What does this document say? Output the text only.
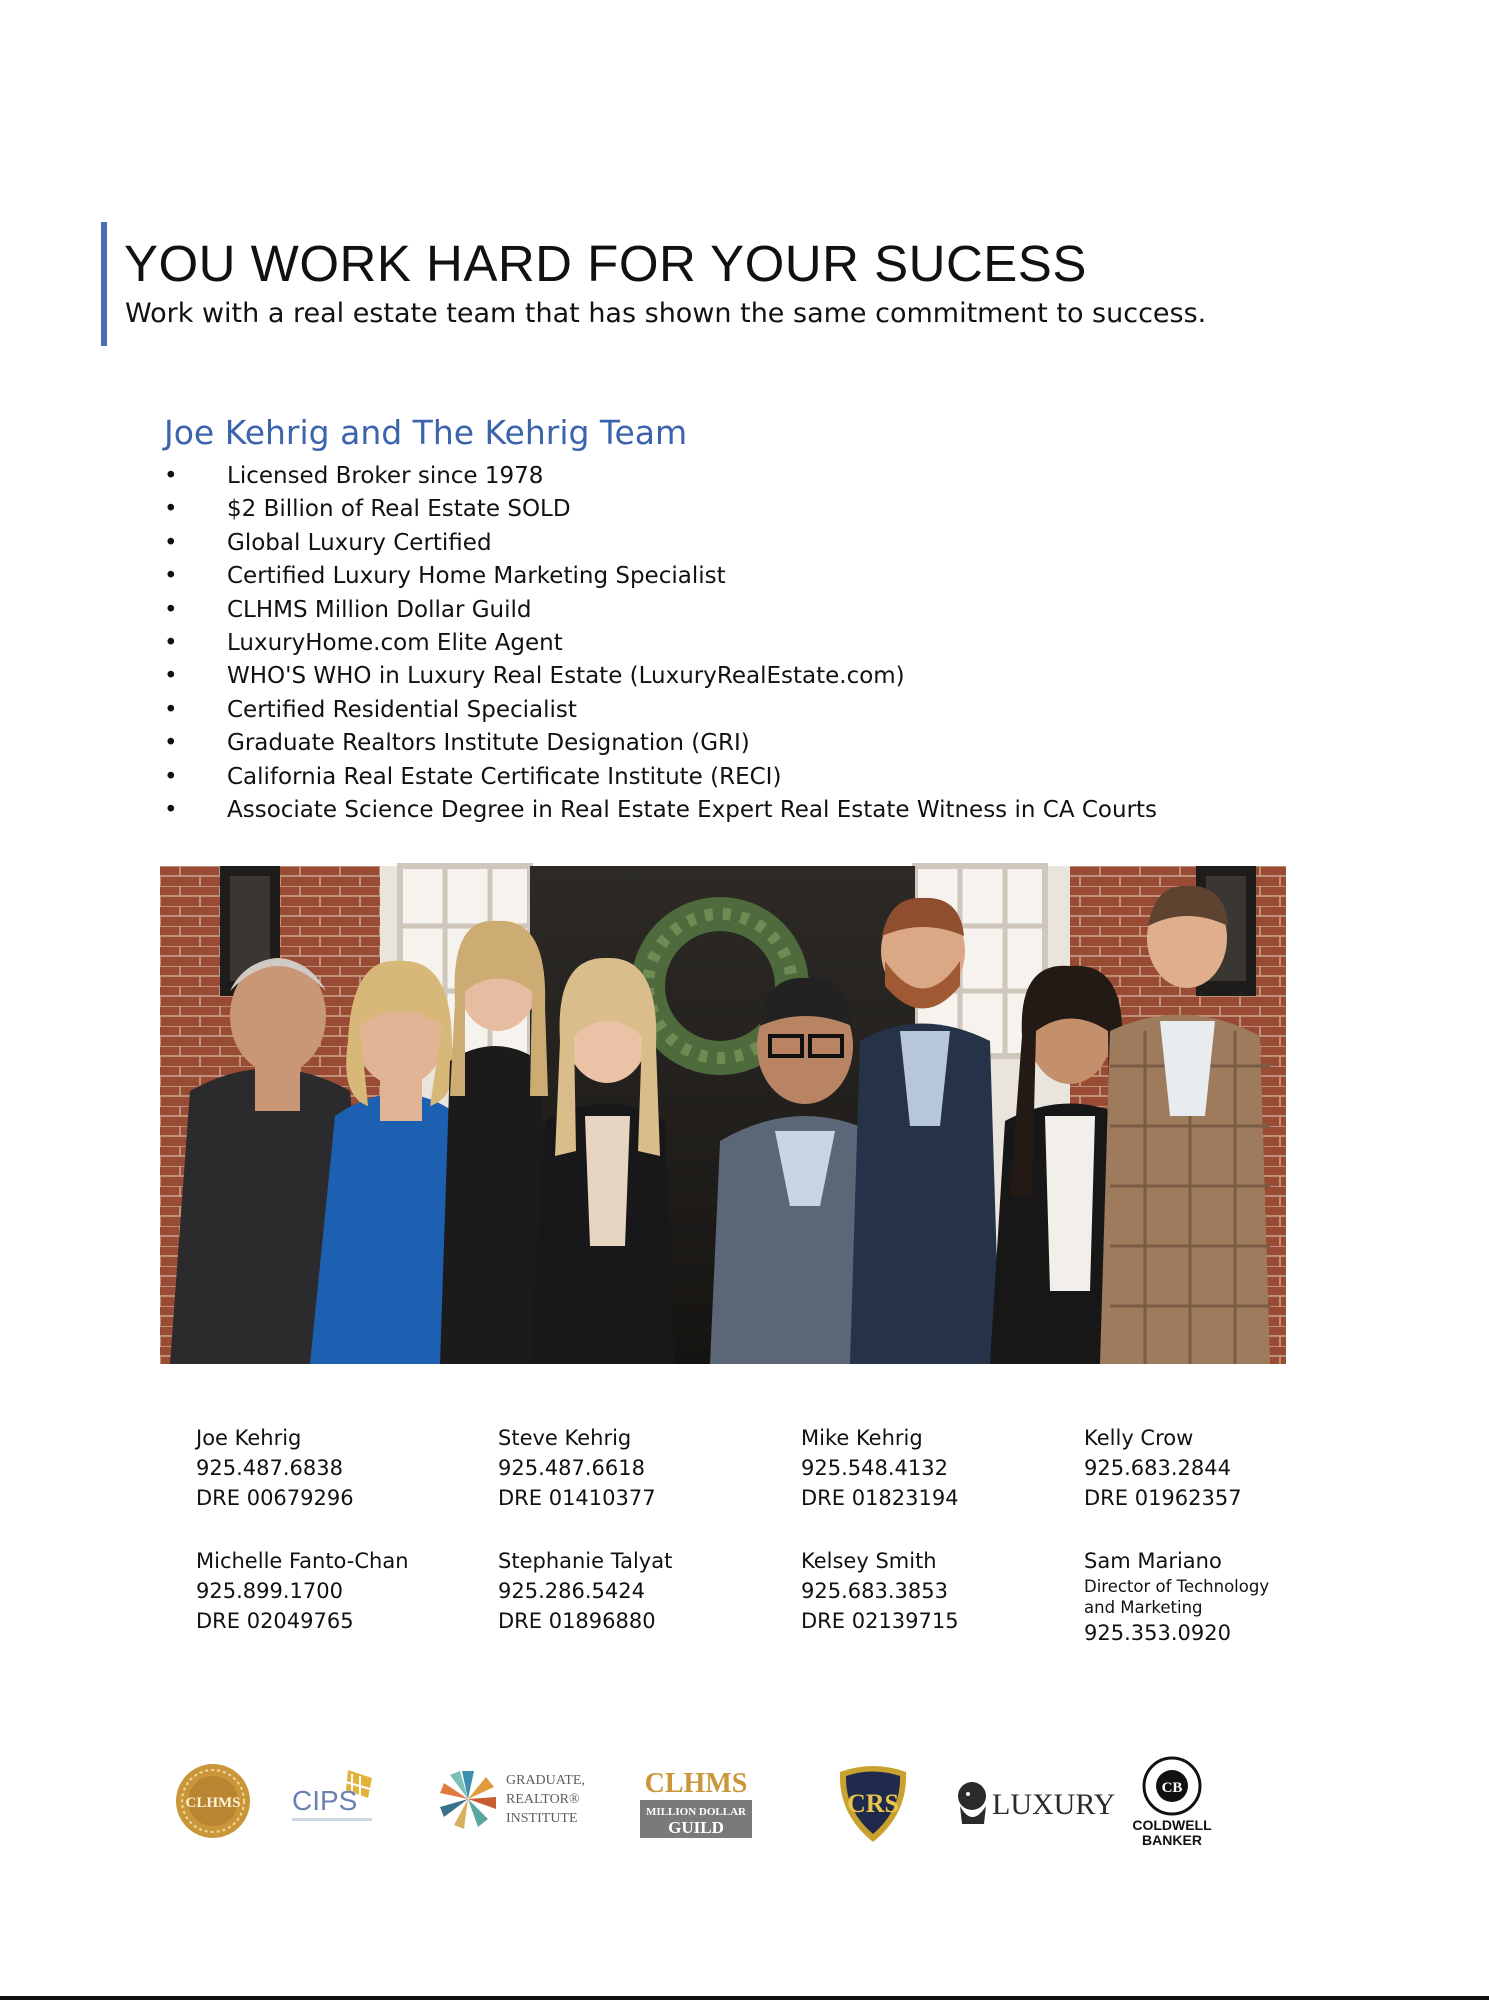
YOU WORK HARD FOR YOUR SUCESS

Work with a real estate team that has shown the same commitment to success.

Joe Kehrig and The Kehrig Team
• Licensed Broker since 1978
• $2 Billion of Real Estate SOLD
• Global Luxury Certified
• Certified Luxury Home Marketing Specialist
• CLHMS Million Dollar Guild
• LuxuryHome.com Elite Agent
• WHO'S WHO in Luxury Real Estate (LuxuryRealEstate.com)
• Certified Residential Specialist
• Graduate Realtors Institute Designation (GRI)
• California Real Estate Certificate Institute (RECI)
• Associate Science Degree in Real Estate Expert Real Estate Witness in CA Courts
Joe Kehrig
925.487.6838
DRE 00679296
Steve Kehrig
925.487.6618
DRE 01410377
Mike Kehrig
925.548.4132
DRE 01823194
Kelly Crow
925.683.2844
DRE 01962357
Michelle Fanto-Chan
925.899.1700
DRE 02049765
Stephanie Talyat
925.286.5424
DRE 01896880
Kelsey Smith
925.683.3853
DRE 02139715
Sam Mariano
Director of Technology
and Marketing
925.353.0920
CLHMS CIPS
GRADUATE,
REALTOR®
INSTITUTE
CLHMS
MILLION DOLLAR
GUILD
CRS	LUXURY	CB
COLDWELL
BANKER
